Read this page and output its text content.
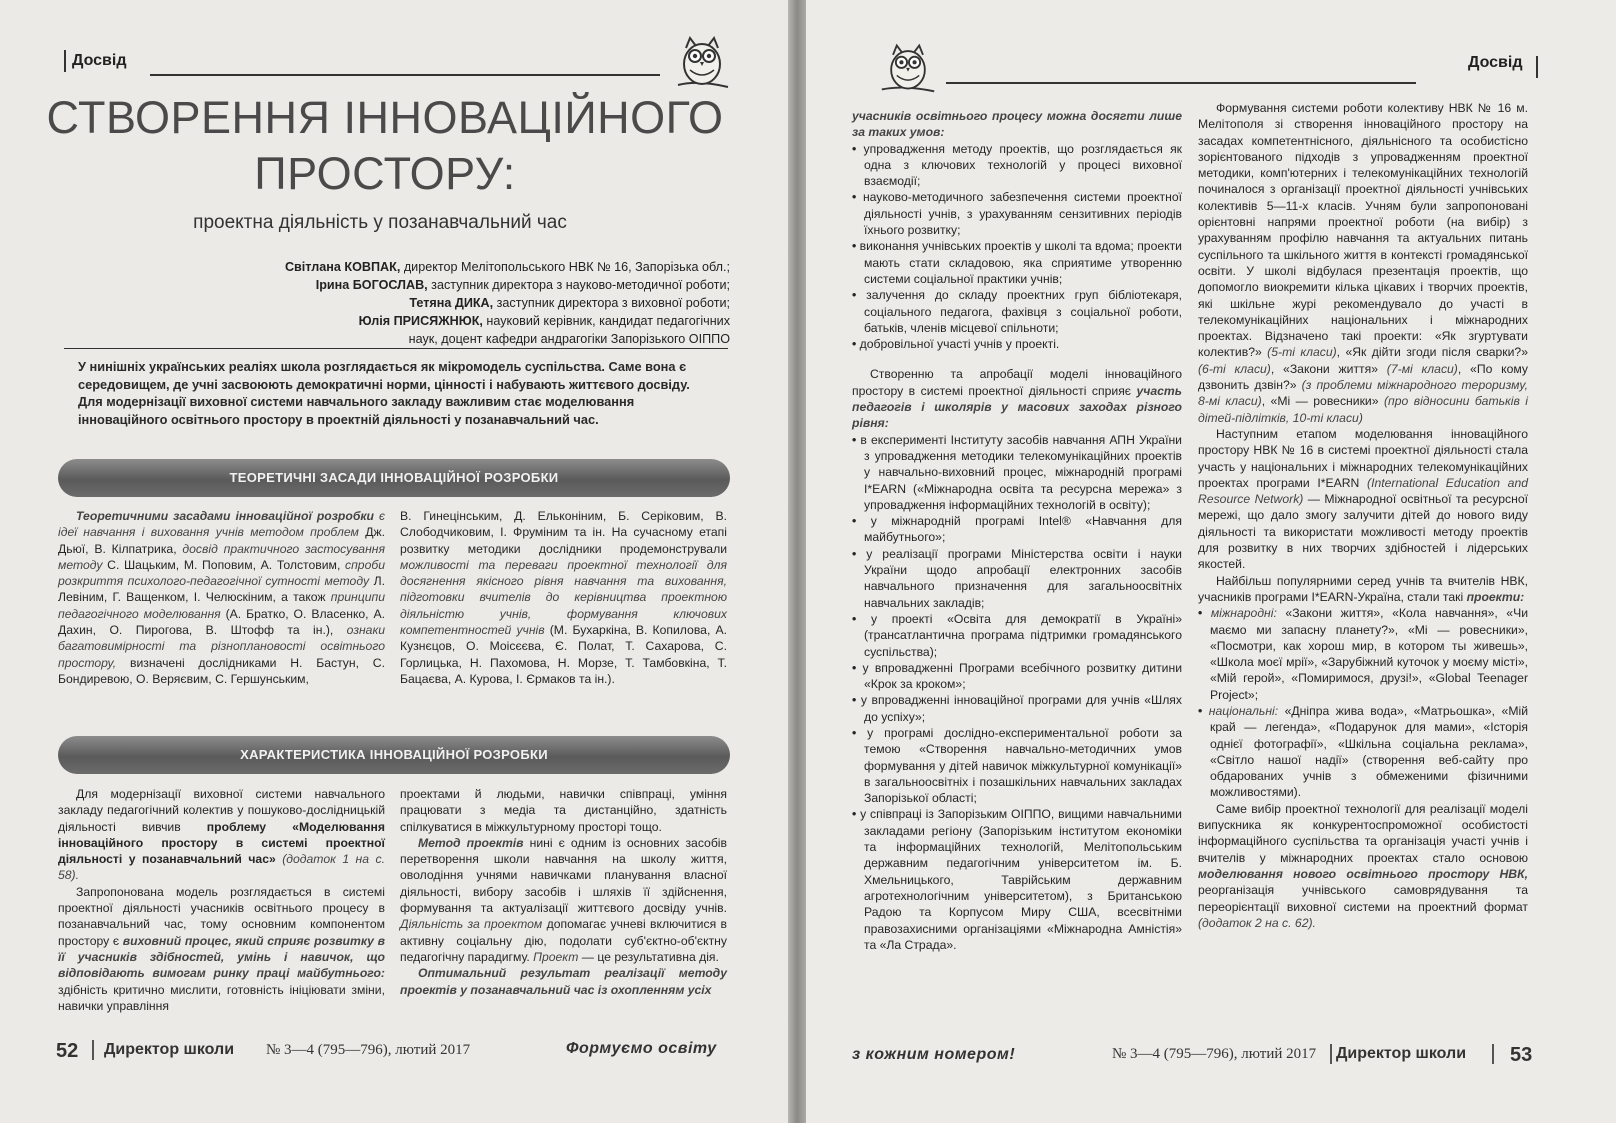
Досвід
СТВОРЕННЯ ІННОВАЦІЙНОГО
ПРОСТОРУ:
проектна діяльність у позанавчальний час
Світлана КОВПАК, директор Мелітопольського НВК № 16, Запорізька обл.;
Ірина БОГОСЛАВ, заступник директора з науково-методичної роботи;
Тетяна ДИКА, заступник директора з виховної роботи;
Юлія ПРИСЯЖНЮК, науковий керівник, кандидат педагогічних
наук, доцент кафедри андрагогіки Запорізького ОІППО
У нинішніх українських реаліях школа розглядається як мікромодель суспільства. Саме вона є середовищем, де учні засвоюють демократичні норми, цінності і набувають життєвого досвіду. Для модернізації виховної системи навчального закладу важливим стає моделювання інноваційного освітнього простору в проектній діяльності у позанавчальний час.
ТЕОРЕТИЧНІ ЗАСАДИ ІННОВАЦІЙНОЇ РОЗРОБКИ

Теоретичними засадами інноваційної розробки є ідеї навчання і виховання учнів методом проблем Дж. Дьюї, В. Кілпатрика, досвід практичного застосування методу С. Шацьким, М. Поповим, А. Толстовим, спроби розкриття психолого-педагогічної сутності методу Л. Левіним, Г. Ващенком, І. Челюскіним, а також принципи педагогічного моделювання (А. Братко, О. Власенко, А. Дахин, О. Пирогова, В. Штофф та ін.), ознаки багатовимірності та різноплановості освітнього простору, визначені дослідниками Н. Бастун, С. Бондиревою, О. Веряєвим, С. Гершунським,

В. Гинецінським, Д. Ельконіним, Б. Серіковим, В. Слободчиковим, І. Фруміним та ін. На сучасному етапі розвитку методики дослідники продемонстрували можливості та переваги проектної технології для досягнення якісного рівня навчання та виховання, підготовки вчителів до керівництва проектною діяльністю учнів, формування ключових компетентностей учнів (М. Бухаркіна, В. Копилова, А. Кузнєцов, О. Моісєєва, Є. Полат, Т. Сахарова, С. Горлицька, Н. Пахомова, Н. Морзе, Т. Тамбовкіна, Т. Бацаєва, А. Курова, І. Єрмаков та ін.).

ХАРАКТЕРИСТИКА ІННОВАЦІЙНОЇ РОЗРОБКИ

Для модернізації виховної системи навчального закладу педагогічний колектив у пошуково-дослідницькій діяльності вивчив проблему «Моделювання інноваційного простору в системі проектної діяльності у позанавчальний час» (додаток 1 на с. 58).

Запропонована модель розглядається в системі проектної діяльності учасників освітнього процесу в позанавчальний час, тому основним компонентом простору є виховний процес, який сприяє розвитку в її учасників здібностей, умінь і навичок, що відповідають вимогам ринку праці майбутнього: здібність критично мислити, готовність ініціювати зміни, навички управління

проектами й людьми, навички співпраці, уміння працювати з медіа та дистанційно, здатність спілкуватися в міжкультурному просторі тощо.

Метод проектів нині є одним із основних засобів перетворення школи навчання на школу життя, оволодіння учнями навичками планування власної діяльності, вибору засобів і шляхів її здійснення, формування та актуалізації життєвого досвіду учнів. Діяльність за проектом допомагає учневі включитися в активну соціальну дію, подолати суб'єктно-об'єктну педагогічну парадигму. Проект — це результативна дія.

Оптимальний результат реалізації методу проектів у позанавчальний час із охопленням усіх

52 Директор школи № 3—4 (795—796), лютий 2017	Формуємо освіту
Досвід

учасників освітнього процесу можна досягти лише за таких умов:

• упровадження методу проектів, що розглядається як одна з ключових технологій у процесі виховної взаємодії;
• науково-методичного забезпечення системи проектної діяльності учнів, з урахуванням сензитивних періодів їхнього розвитку;
• виконання учнівських проектів у школі та вдома; проекти мають стати складовою, яка сприятиме утворенню системи соціальної практики учнів;
• залучення до складу проектних груп бібліотекаря, соціального педагога, фахівця з соціальної роботи, батьків, членів місцевої спільноти;
• добровільної участі учнів у проекті.

Створенню та апробації моделі інноваційного простору в системі проектної діяльності сприяє участь педагогів і школярів у масових заходах різного рівня:

• в експерименті Інституту засобів навчання АПН України з упровадження методики телекомунікаційних проектів у навчально-виховний процес, міжнародній програмі I*EARN («Міжнародна освіта та ресурсна мережа» з упровадження інформаційних технологій в освіту);
• у міжнародній програмі Intel® «Навчання для майбутнього»;
• у реалізації програми Міністерства освіти і науки України щодо апробації електронних засобів навчального призначення для загальноосвітніх навчальних закладів;
• у проекті «Освіта для демократії в Україні» (трансатлантична програма підтримки громадянського суспільства);
• у впровадженні Програми всебічного розвитку дитини «Крок за кроком»;
• у впровадженні інноваційної програми для учнів «Шлях до успіху»;
• у програмі дослідно-експериментальної роботи за темою «Створення навчально-методичних умов формування у дітей навичок міжкультурної комунікації» в загальноосвітніх і позашкільних навчальних закладах Запорізької області;
• у співпраці із Запорізьким ОІППО, вищими навчальними закладами регіону (Запорізьким інститутом економіки та інформаційних технологій, Мелітопольським державним педагогічним університетом ім. Б. Хмельницького, Таврійським державним агротехнологічним університетом), з Британською Радою та Корпусом Миру США, всесвітніми правозахисними організаціями «Міжнародна Амністія» та «Ла Страда».

Формування системи роботи колективу НВК № 16 м. Мелітополя зі створення інноваційного простору на засадах компетентнісного, діяльнісного та особистісно зорієнтованого підходів з упровадженням проектної методики, комп'ютерних і телекомунікаційних технологій починалося з організації проектної діяльності учнівських колективів 5—11-х класів. Учням були запропоновані орієнтовні напрями проектної роботи (на вибір) з урахуванням профілю навчання та актуальних питань суспільного та шкільного життя в контексті громадянської освіти. У школі відбулася презентація проектів, що допомогло виокремити кілька цікавих і творчих проектів, які шкільне журі рекомендувало до участі в телекомунікаційних національних і міжнародних проектах. Відзначено такі проекти: «Як згуртувати колектив?» (5-ті класи), «Як дійти згоди після сварки?» (6-ті класи), «Закони життя» (7-мі класи), «По кому дзвонить дзвін?» (з проблеми міжнародного тероризму, 8-мі класи), «Мі — ровесники» (про відносини батьків і дітей-підлітків, 10-ті класи)

Наступним етапом моделювання інноваційного простору НВК № 16 в системі проектної діяльності стала участь у національних і міжнародних телекомунікаційних проектах програми I*EARN (International Education and Resource Network) — Міжнародної освітньої та ресурсної мережі, що дало змогу залучити дітей до нового виду діяльності та використати можливості методу проектів для розвитку в них творчих здібностей і лідерських якостей.

Найбільш популярними серед учнів та вчителів НВК, учасників програми I*EARN-Україна, стали такі проекти:

• міжнародні: «Закони життя», «Кола навчання», «Чи маємо ми запасну планету?», «Мі — ровесники», «Посмотри, как хорош мир, в котором ты живешь», «Школа моєї мрії», «Зарубіжний куточок у моєму місті», «Мій герой», «Помиримося, друзі!», «Global Teenager Project»;
• національні: «Дніпра жива вода», «Матрьошка», «Мій край — легенда», «Подарунок для мами», «Історія однієї фотографії», «Шкільна соціальна реклама», «Світло нашої надії» (створення веб-сайту про обдарованих учнів з обмеженими фізичними можливостями).

Саме вибір проектної технології для реалізації моделі випускника як конкурентоспроможної особистості інформаційного суспільства та організація участі учнів і вчителів у міжнародних проектах стало основою моделювання нового освітнього простору НВК, реорганізація учнівського самоврядування та переорієнтації виховної системи на проектний формат (додаток 2 на с. 62).

з кожним номером!	№ 3—4 (795—796), лютий 2017 Директор школи 53
